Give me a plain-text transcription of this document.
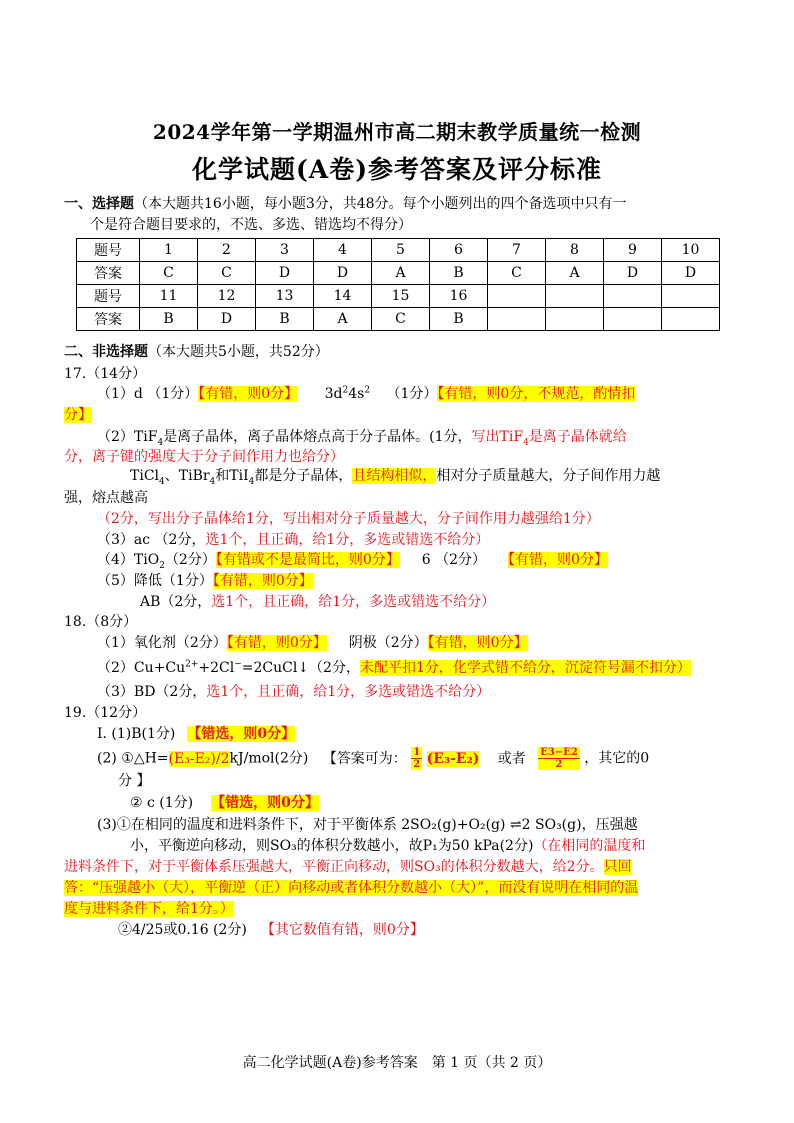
2024学年第一学期温州市高二期末教学质量统一检测
化学试题(A卷)参考答案及评分标准
一、选择题（本大题共16小题，每小题3分，共48分。每个小题列出的四个备选项中只有一
个是符合题目要求的，不选、多选、错选均不得分）
题号	1	2	3	4	5	6	7	8	9	10
答案	C	C	D	D	A	B	C	A	D	D
题号	11	12	13	14	15	16				
答案	B	D	B	A	C	B				
二、非选择题（本大题共5小题，共52分）
17.（14分）
（1）d （1分）【有错，则0分】 $3d^24s^2$ （1分）【有错，则0分，不规范，酌情扣
分】
（2）TiF$_4$是离子晶体，离子晶体熔点高于分子晶体。(1分，写出TiF$_4$是离子晶体就给
分，离子键的强度大于分子间作用力也给分）
TiCl$_4$、TiBr$_4$和TiI$_4$都是分子晶体，且结构相似，相对分子质量越大，分子间作用力越
强，熔点越高
（2分，写出分子晶体给1分，写出相对分子质量越大，分子间作用力越强给1分）
（3）ac （2分，选1个，且正确，给1分，多选或错选不给分）
（4）TiO$_2$（2分）【有错或不是最简比，则0分】 6 （2分） 【有错，则0分】
（5）降低（1分）【有错，则0分】
AB（2分，选1个，且正确，给1分，多选或错选不给分）
18.（8分）
（1）氧化剂（2分）【有错，则0分】 阴极（2分）【有错，则0分】
$(2)Cu+Cu^{2+}+2Cl^-=2CuCl↓(2$分，未配平扣1分，化学式错不给分，沉淀符号漏不扣分）
（3）BD（2分，选1个，且正确，给1分，多选或错选不给分）
19.（12分）
I. (1)B(1分) 【错选，则0分】
(2) ①△H=(E₃-E₂)/2kJ/mol(2分) 【答案可为： $\frac{1}{2} (E_3-E_2)$ 或者 $\frac{E3-E2}{2}$ ，其它的0
分 】
② c (1分) 【错选，则0分】
(3)①在相同的温度和进料条件下，对于平衡体系 2SO₂(g)+O₂(g) ⇌2 SO₃(g)，压强越
小，平衡逆向移动，则SO₃的体积分数越小，故P₁为50 kPa(2分)（在相同的温度和
进料条件下，对于平衡体系压强越大，平衡正向移动，则SO₃的体积分数越大，给2分。只回
答：“压强越小（大），平衡逆（正）向移动或者体积分数越小（大）”，而没有说明在相同的温
度与进料条件下，给1分。）
②4/25或0.16 (2分) 【其它数值有错，则0分】
高二化学试题(A卷)参考答案　第 1 页（共 2 页）
